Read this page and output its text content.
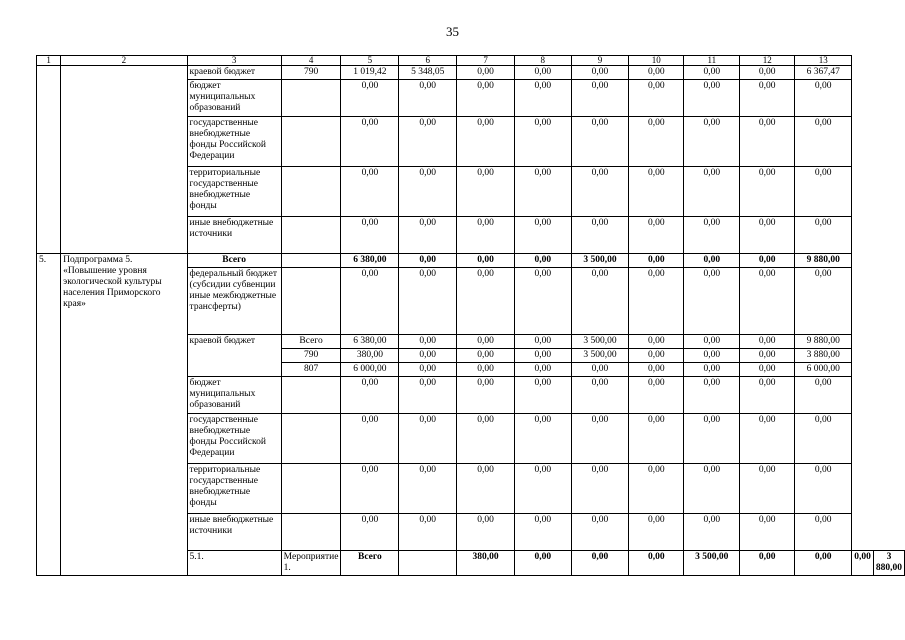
35
1	2	3	4	5	6	7	8	9	10	11	12	13		
		краевой бюджет	790	1 019,42	5 348,05	0,00	0,00	0,00	0,00	0,00	0,00	6 367,47		
		бюджет муниципальных образований		0,00	0,00	0,00	0,00	0,00	0,00	0,00	0,00	0,00		
		государственные внебюджетные фонды Российской Федерации		0,00	0,00	0,00	0,00	0,00	0,00	0,00	0,00	0,00		
		территориальные государственные внебюджетные фонды		0,00	0,00	0,00	0,00	0,00	0,00	0,00	0,00	0,00		
		иные внебюджетные источники		0,00	0,00	0,00	0,00	0,00	0,00	0,00	0,00	0,00		
5.	Подпрограмма 5. «Повышение уровня экологической культуры населения Приморского края»	Всего		6 380,00	0,00	0,00	0,00	3 500,00	0,00	0,00	0,00	9 880,00		
		федеральный бюджет (субсидии субвенции иные межбюджетные трансферты)		0,00	0,00	0,00	0,00	0,00	0,00	0,00	0,00	0,00		
		краевой бюджет	Всего	6 380,00	0,00	0,00	0,00	3 500,00	0,00	0,00	0,00	9 880,00		
			790	380,00	0,00	0,00	0,00	3 500,00	0,00	0,00	0,00	3 880,00		
			807	6 000,00	0,00	0,00	0,00	0,00	0,00	0,00	0,00	6 000,00		
		бюджет муниципальных образований		0,00	0,00	0,00	0,00	0,00	0,00	0,00	0,00	0,00		
		государственные внебюджетные фонды Российской Федерации		0,00	0,00	0,00	0,00	0,00	0,00	0,00	0,00	0,00		
		территориальные государственные внебюджетные фонды		0,00	0,00	0,00	0,00	0,00	0,00	0,00	0,00	0,00		
		иные внебюджетные источники		0,00	0,00	0,00	0,00	0,00	0,00	0,00	0,00	0,00		
		5.1.	Мероприятие 1.	Всего		380,00	0,00	0,00	0,00	3 500,00	0,00	0,00	0,00	3 880,00
